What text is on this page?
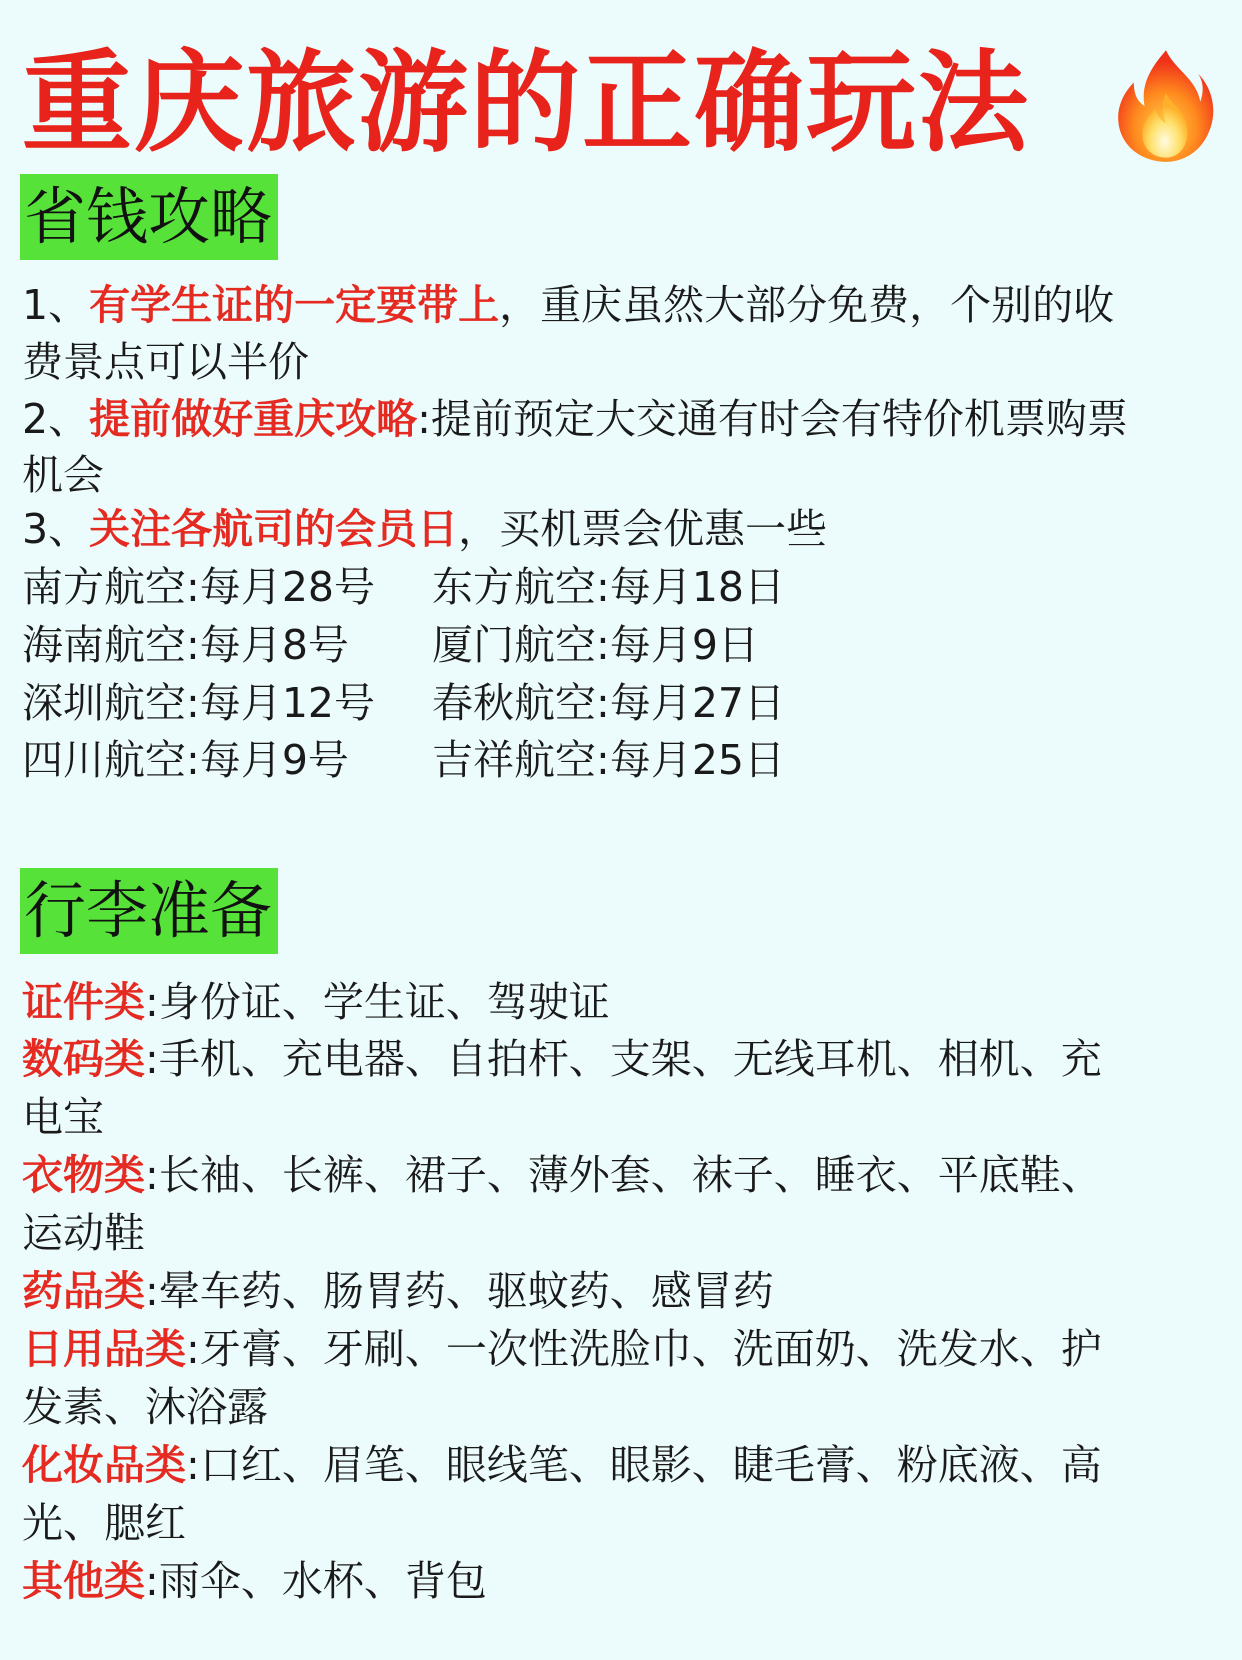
重庆旅游的正确玩法
省钱攻略
1、有学生证的一定要带上，重庆虽然大部分免费，个别的收
费景点可以半价
2、提前做好重庆攻略:提前预定大交通有时会有特价机票购票
机会
3、关注各航司的会员日，买机票会优惠一些
南方航空:每月28号 东方航空:每月18日
海南航空:每月8号 厦门航空:每月9日
深圳航空:每月12号 春秋航空:每月27日
四川航空:每月9号 吉祥航空:每月25日
行李准备
证件类:身份证、学生证、驾驶证
数码类:手机、充电器、自拍杆、支架、无线耳机、相机、充
电宝
衣物类:长袖、长裤、裙子、薄外套、袜子、睡衣、平底鞋、
运动鞋
药品类:晕车药、肠胃药、驱蚊药、感冒药
日用品类:牙膏、牙刷、一次性洗脸巾、洗面奶、洗发水、护
发素、沐浴露
化妆品类:口红、眉笔、眼线笔、眼影、睫毛膏、粉底液、高
光、腮红
其他类:雨伞、水杯、背包
